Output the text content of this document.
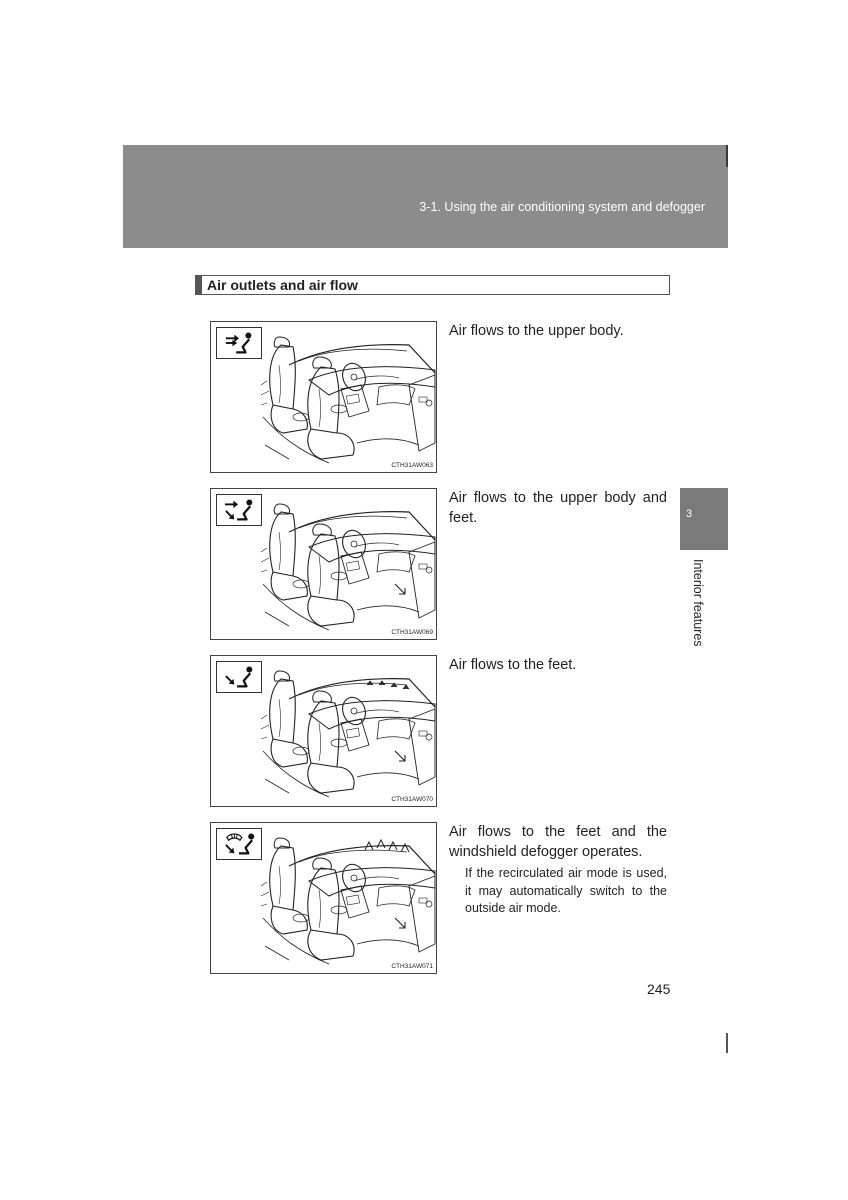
3-1. Using the air conditioning system and defogger
Air outlets and air flow
CTH31AW063
Air flows to the upper body.
CTH31AW069
Air flows to the upper body and feet.
CTH31AW070
Air flows to the feet.
CTH31AW071
Air flows to the feet and the windshield defogger operates.
If the recirculated air mode is used, it may automatically switch to the outside air mode.
3
Interior features
245
